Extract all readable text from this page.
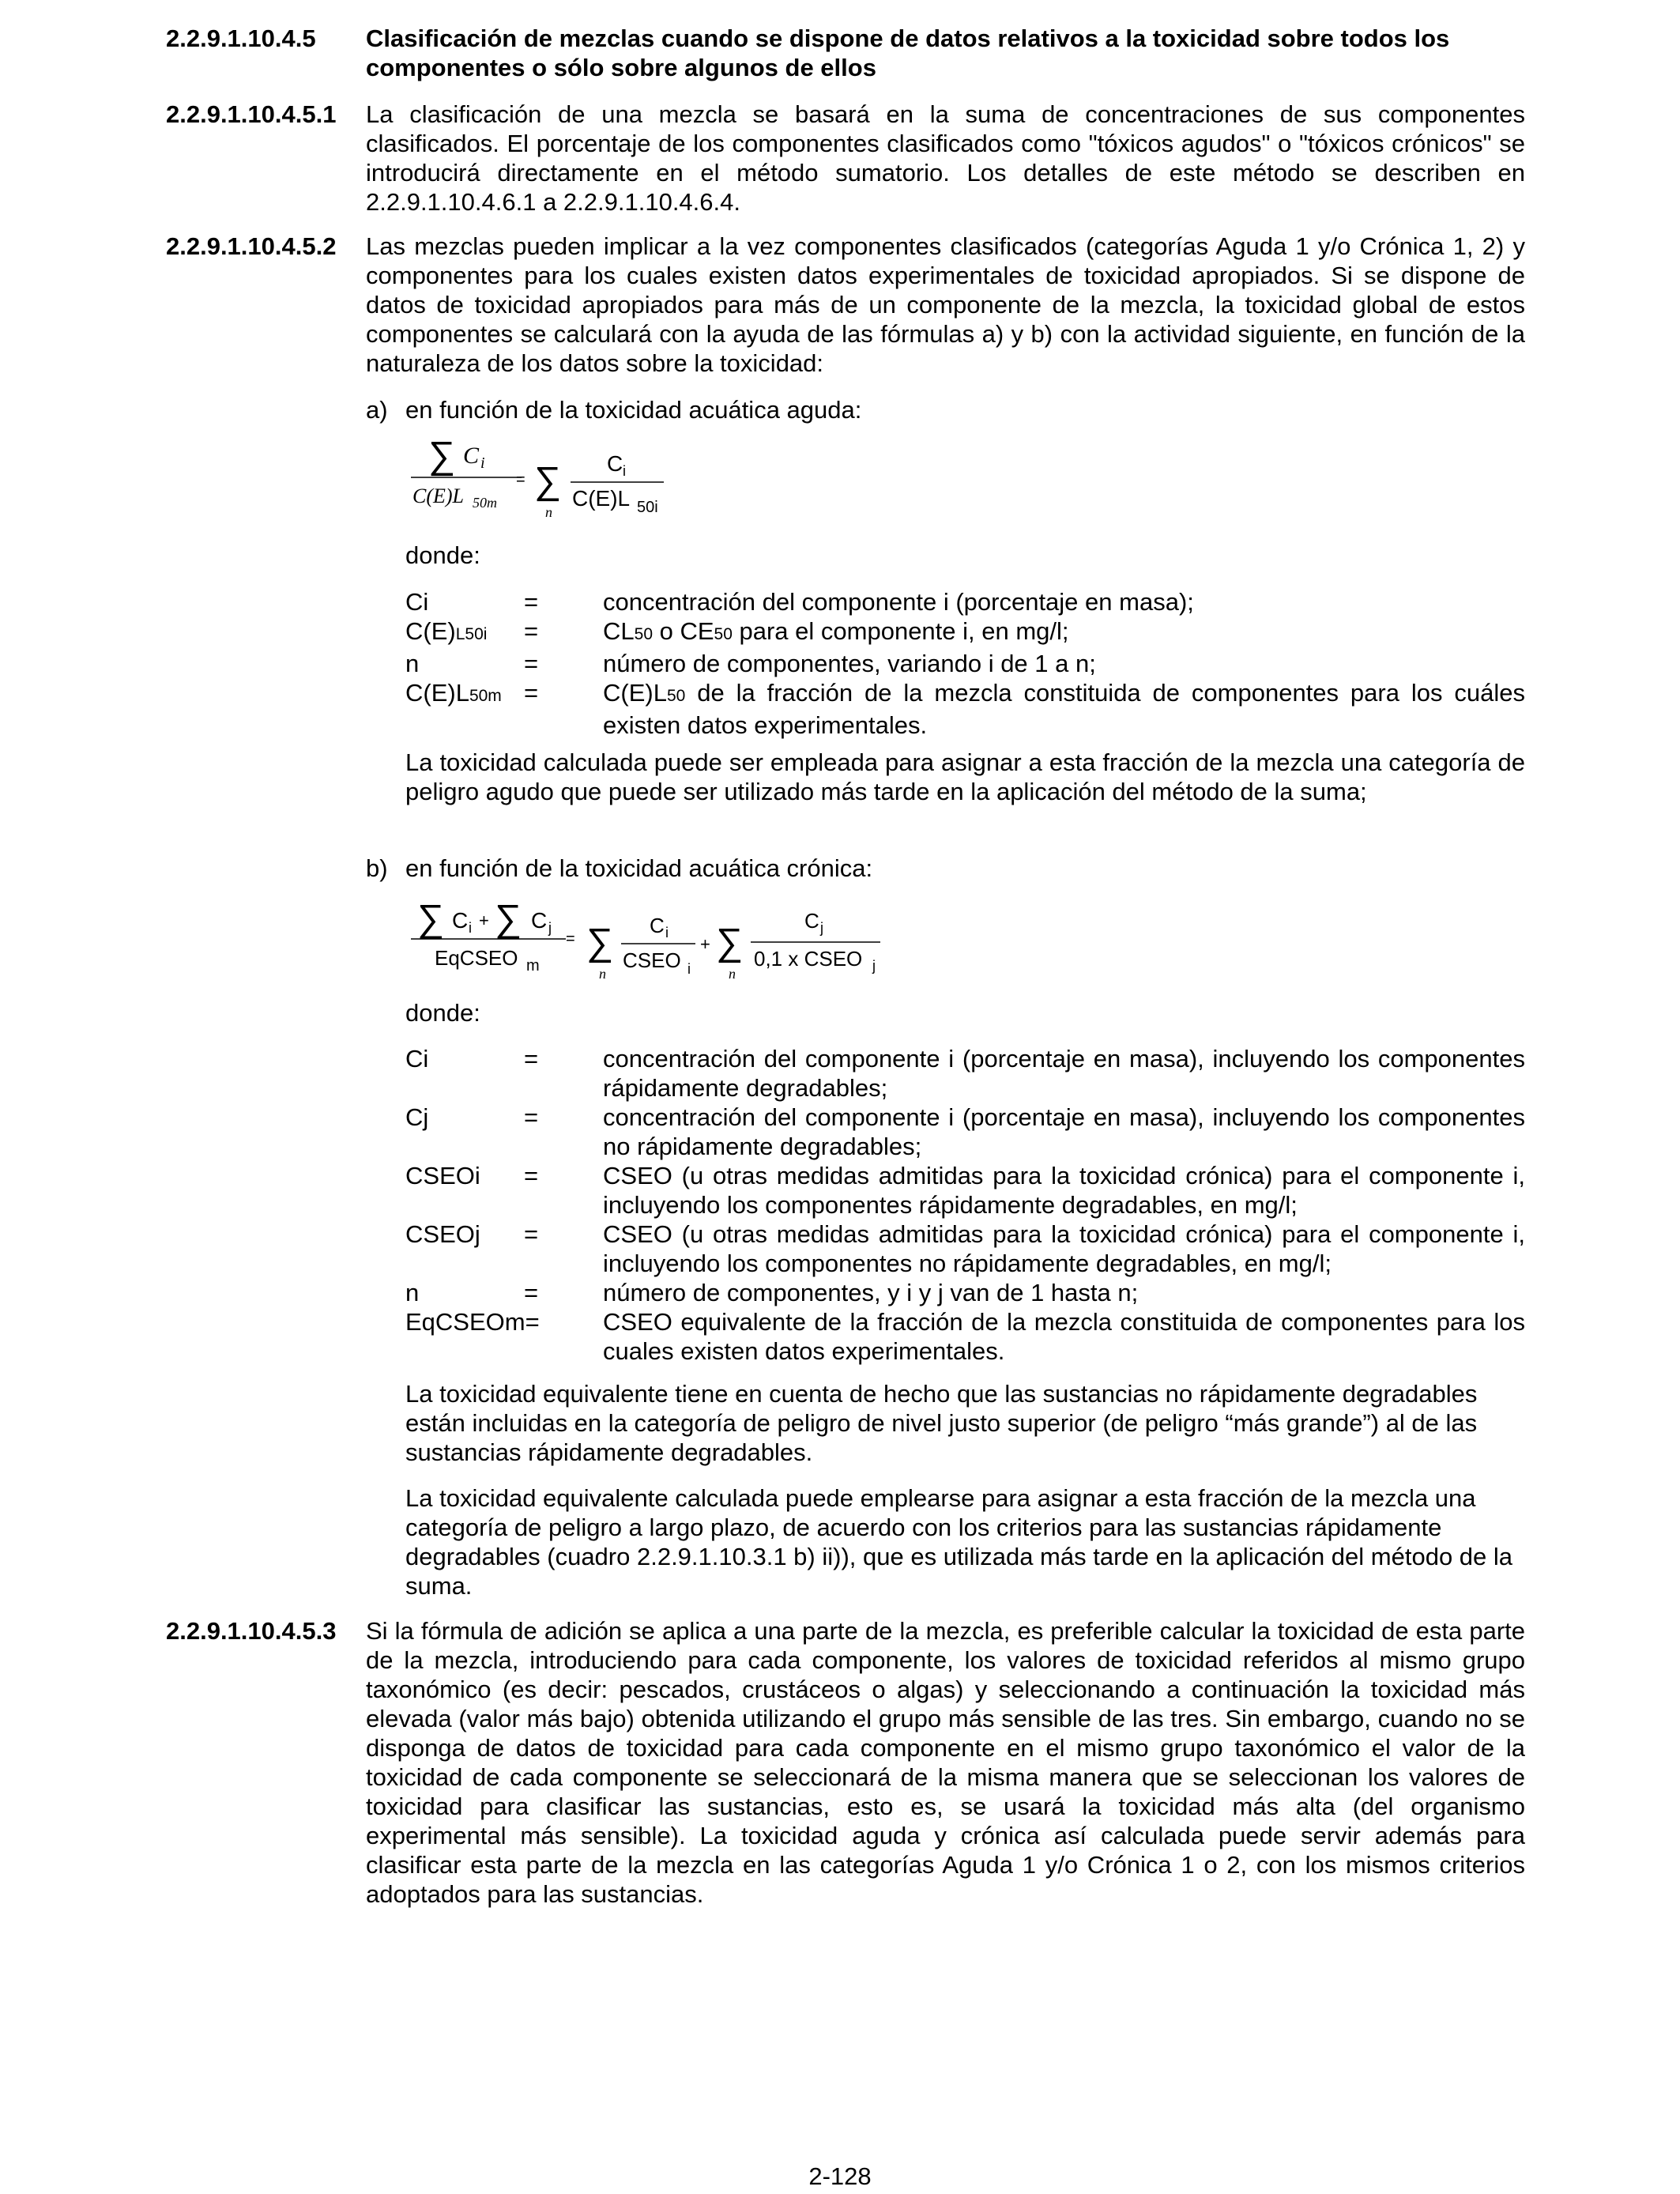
2.2.9.1.10.4.5 Clasificación de mezclas cuando se dispone de datos relativos a la toxicidad sobre todos los componentes o sólo sobre algunos de ellos
2.2.9.1.10.4.5.1 La clasificación de una mezcla se basará en la suma de concentraciones de sus componentes clasificados. El porcentaje de los componentes clasificados como "tóxicos agudos" o "tóxicos crónicos" se introducirá directamente en el método sumatorio. Los detalles de este método se describen en 2.2.9.1.10.4.6.1 a 2.2.9.1.10.4.6.4.
2.2.9.1.10.4.5.2 Las mezclas pueden implicar a la vez componentes clasificados (categorías Aguda 1 y/o Crónica 1, 2) y componentes para los cuales existen datos experimentales de toxicidad apropiados. Si se dispone de datos de toxicidad apropiados para más de un componente de la mezcla, la toxicidad global de estos componentes se calculará con la ayuda de las fórmulas a) y b) con la actividad siguiente, en función de la naturaleza de los datos sobre la toxicidad:
a) en función de la toxicidad acuática aguda:
∑ C i
C(E)L 50m
= ∑
n
C i
C(E)L 50i
donde:
Ci	=	concentración del componente i (porcentaje en masa);
C(E)L50i =	CL50 o CE50 para el componente i, en mg/l;
n	=	número de componentes, variando i de 1 a n;
C(E)L50m =	C(E)L50 de la fracción de la mezcla constituida de componentes para los cuáles existen datos experimentales.
La toxicidad calculada puede ser empleada para asignar a esta fracción de la mezcla una categoría de peligro agudo que puede ser utilizado más tarde en la aplicación del método de la suma;
b) en función de la toxicidad acuática crónica:
∑ C i + ∑ C j
EqCSEO m
= ∑
n
C i
CSEO i
+ ∑
n
C j
0,1 x CSEO j
donde:
Ci	=	concentración del componente i (porcentaje en masa), incluyendo los componentes rápidamente degradables;
Cj	=	concentración del componente i (porcentaje en masa), incluyendo los componentes no rápidamente degradables;
CSEOi =	CSEO (u otras medidas admitidas para la toxicidad crónica) para el componente i, incluyendo los componentes rápidamente degradables, en mg/l;
CSEOj =	CSEO (u otras medidas admitidas para la toxicidad crónica) para el componente i, incluyendo los componentes no rápidamente degradables, en mg/l;
n	=	número de componentes, y i y j van de 1 hasta n;
EqCSEOm=	CSEO equivalente de la fracción de la mezcla constituida de componentes para los cuales existen datos experimentales.
La toxicidad equivalente tiene en cuenta de hecho que las sustancias no rápidamente degradables están incluidas en la categoría de peligro de nivel justo superior (de peligro “más grande”) al de las sustancias rápidamente degradables.
La toxicidad equivalente calculada puede emplearse para asignar a esta fracción de la mezcla una categoría de peligro a largo plazo, de acuerdo con los criterios para las sustancias rápidamente degradables (cuadro 2.2.9.1.10.3.1 b) ii)), que es utilizada más tarde en la aplicación del método de la suma.
2.2.9.1.10.4.5.3 Si la fórmula de adición se aplica a una parte de la mezcla, es preferible calcular la toxicidad de esta parte de la mezcla, introduciendo para cada componente, los valores de toxicidad referidos al mismo grupo taxonómico (es decir: pescados, crustáceos o algas) y seleccionando a continuación la toxicidad más elevada (valor más bajo) obtenida utilizando el grupo más sensible de las tres. Sin embargo, cuando no se disponga de datos de toxicidad para cada componente en el mismo grupo taxonómico el valor de la toxicidad de cada componente se seleccionará de la misma manera que se seleccionan los valores de toxicidad para clasificar las sustancias, esto es, se usará la toxicidad más alta (del organismo experimental más sensible). La toxicidad aguda y crónica así calculada puede servir además para clasificar esta parte de la mezcla en las categorías Aguda 1 y/o Crónica 1 o 2, con los mismos criterios adoptados para las sustancias.
2-128
